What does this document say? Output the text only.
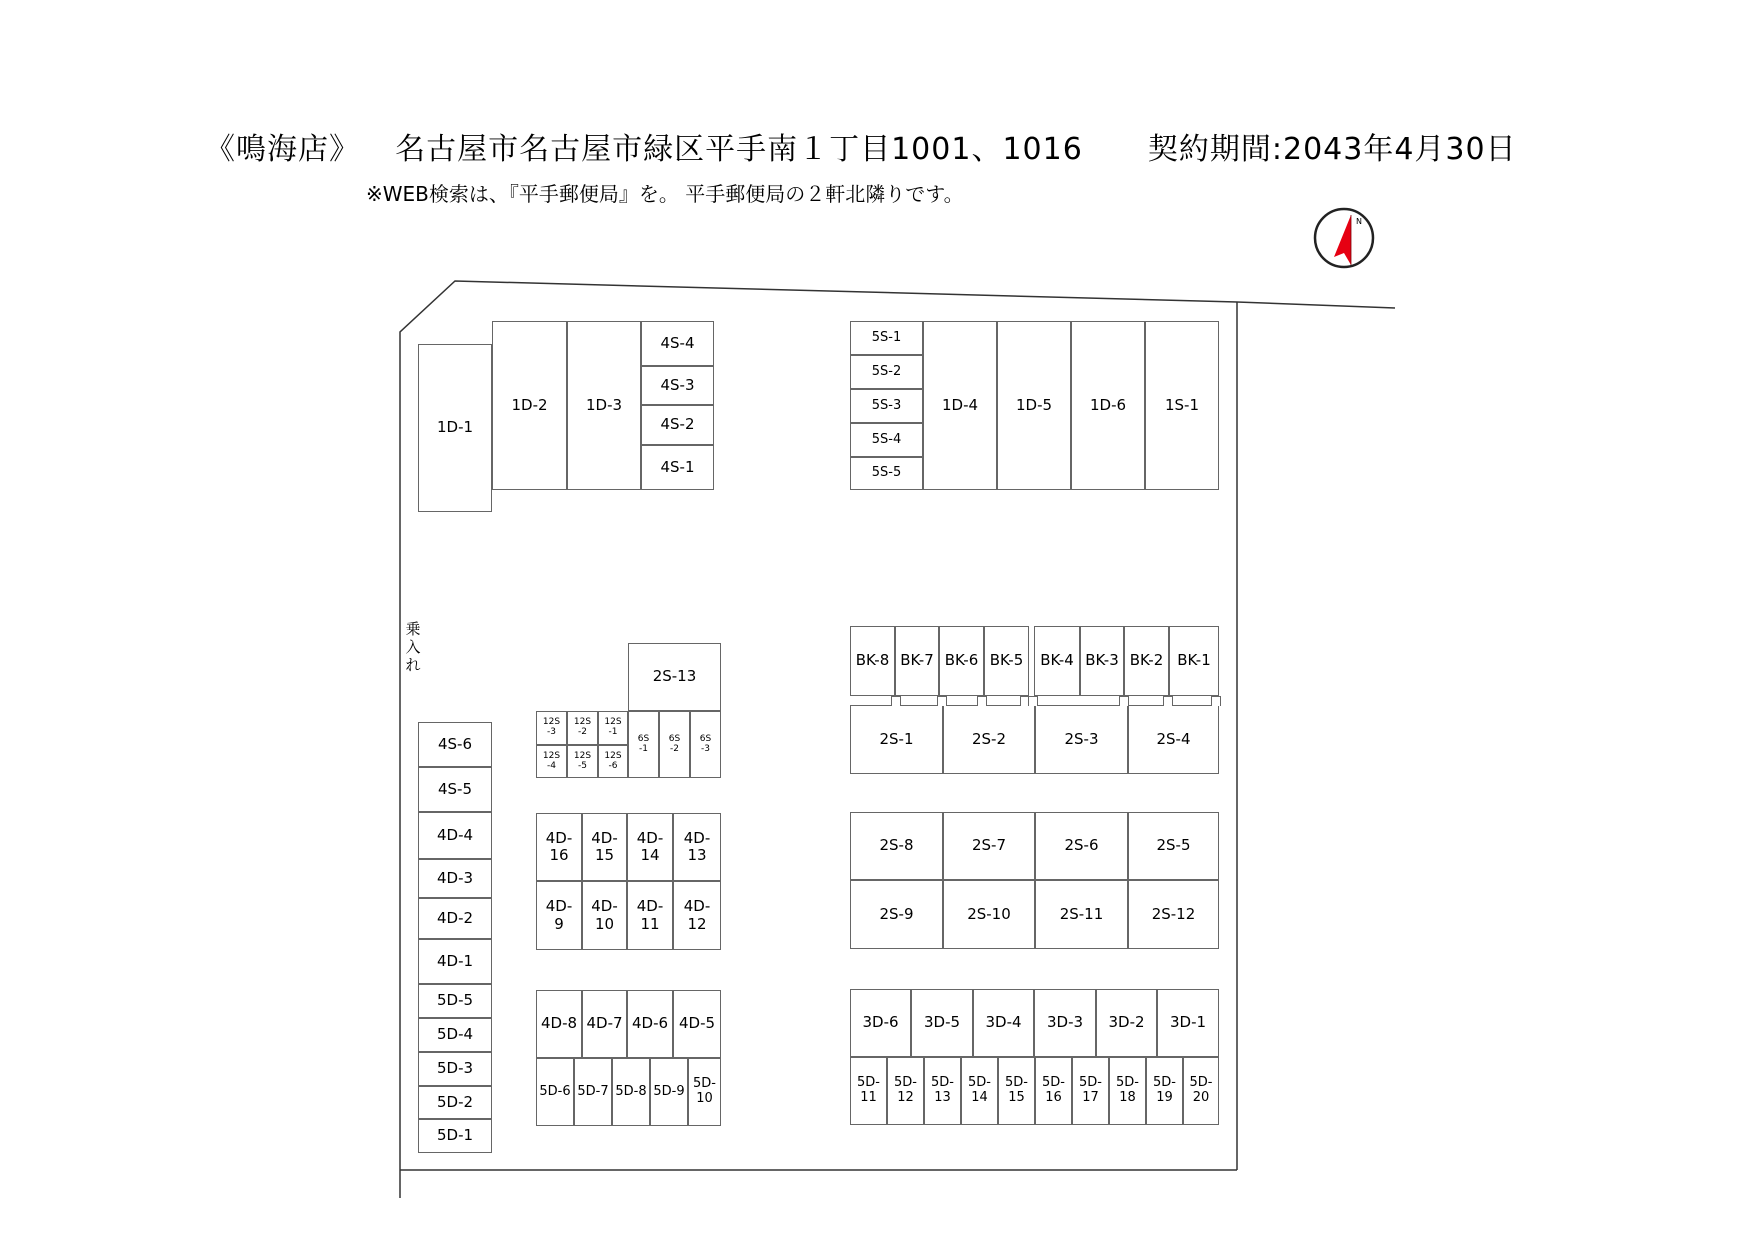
《鳴海店》 名古屋市名古屋市緑区平手南１丁目1001、1016 契約期間:2043年4月30日
※WEB検索は、『平手郵便局』を。 平手郵便局の２軒北隣りです。
乗入れ
N
1D-1
1D-2	1D-3
4S-4
4S-3
4S-2
4S-1
5S-1
5S-2
5S-3
5S-4
5S-5
1D-4	1D-5	1D-6	1S-1
BK-8 BK-7 BK-6 BK-5	BK-4 BK-3 BK-2 BK-1
2S-1	2S-2	2S-3	2S-4
2S-8	2S-7	2S-6	2S-5
2S-9	2S-10	2S-11	2S-12
3D-6	3D-5	3D-4	3D-3	3D-2	3D-1
5D-
11
5D-
12
5D-
13
5D-
14
5D-
15
5D-
16
5D-
17
5D-
18
5D-
19
5D-
20
2S-13
12S
-3
12S
-2
12S
-1
12S
-4
12S
-5
12S
-6
6S
-1
6S
-2
6S
-3
4D-
16
4D-
15
4D-
14
4D-
13
4D-
9
4D-
10
4D-
11
4D-
12
4D-8 4D-7 4D-6 4D-5
5D-6 5D-7 5D-8 5D-9 5D-
10
4S-6
4S-5
4D-4
4D-3
4D-2
4D-1
5D-5
5D-4
5D-3
5D-2
5D-1
